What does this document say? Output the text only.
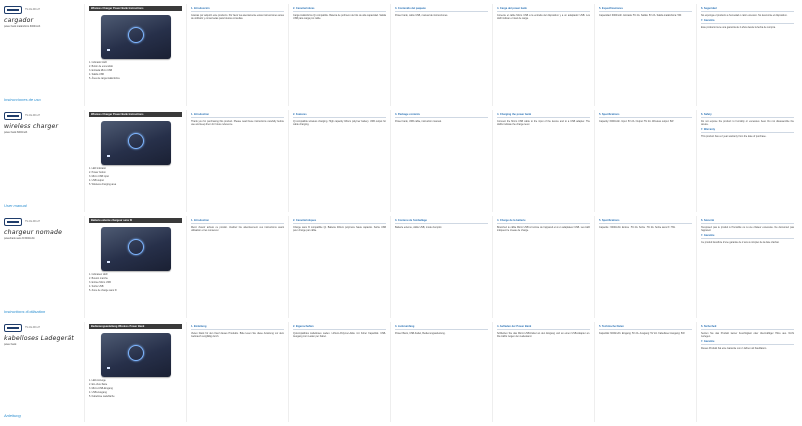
TS-CG-WC-27
cargador
power bank inalámbrico 6000mAh
Instrucciones de uso
Wireless Charger Power Bank Instructions
1. Indicador LED
2. Botón de encendido
3. Entrada Micro USB
4. Salida USB
5. Área de carga inalámbrica
1. Introducción

Gracias por adquirir este producto. Por favor lea atentamente estas instrucciones antes de utilizarlo y consérvelas para futuras consultas.

2. Características

Carga inalámbrica Qi compatible. Batería de polímero de litio de alta capacidad. Salida USB para carga por cable.

3. Contenido del paquete

Power bank, cable USB, manual de instrucciones.

4. Carga del power bank

Conecte el cable Micro USB a la entrada del dispositivo y a un adaptador USB. Los LED indican el nivel de carga.

5. Especificaciones

Capacidad: 6000mAh. Entrada: 5V 2A. Salida: 5V 2A. Salida inalámbrica: 5W.

6. Seguridad

No exponga el producto a humedad o calor excesivo. No desmonte el dispositivo.

7. Garantía

Este producto tiene una garantía de 2 años desde la fecha de compra.

TS-CG-WC-27
wireless charger
power bank 6000mAh
User manual
Wireless Charger Power Bank Instructions
1. LED indicator
2. Power button
3. Micro USB input
4. USB output
5. Wireless charging area
1. Introduction

Thank you for purchasing this product. Please read these instructions carefully before use and keep them for future reference.

2. Features

Qi compatible wireless charging. High capacity lithium polymer battery. USB output for cable charging.

3. Package contents

Power bank, USB cable, instruction manual.

4. Charging the power bank

Connect the Micro USB cable to the input of the device and to a USB adapter. The LEDs indicate the charge level.

5. Specifications

Capacity: 6000mAh. Input: 5V 2A. Output: 5V 2A. Wireless output: 5W.

6. Safety

Do not expose the product to humidity or excessive heat. Do not disassemble the device.

7. Warranty

This product has a 2 year warranty from the date of purchase.

TS-CG-WC-27
chargeur nomade
powerbank sans fil 6000mAh
Instructions d'utilisation
Batterie externe chargeur sans fil
1. Indicateur LED
2. Bouton marche
3. Entrée Micro USB
4. Sortie USB
5. Zone de charge sans fil
1. Introduction

Merci d'avoir acheté ce produit. Veuillez lire attentivement ces instructions avant utilisation et les conserver.

2. Caractéristiques

Charge sans fil compatible Qi. Batterie lithium polymère haute capacité. Sortie USB pour charge par câble.

3. Contenu de l'emballage

Batterie externe, câble USB, mode d'emploi.

4. Charge de la batterie

Branchez le câble Micro USB à l'entrée de l'appareil et à un adaptateur USB. Les LED indiquent le niveau de charge.

5. Spécifications

Capacité : 6000mAh. Entrée : 5V 2A. Sortie : 5V 2A. Sortie sans fil : 5W.

6. Sécurité

N'exposez pas le produit à l'humidité ou à une chaleur excessive. Ne démontez pas l'appareil.

7. Garantie

Ce produit bénéficie d'une garantie de 2 ans à compter de la date d'achat.

TS-CG-WC-27
kabelloses Ladegerät
power bank
Anleitung
Bedienungsanleitung Wireless Power Bank
1. LED-Anzeige
2. Ein-/Aus-Taste
3. Micro-USB-Eingang
4. USB-Ausgang
5. Kabellose Ladefläche
1. Einleitung

Vielen Dank für den Kauf dieses Produkts. Bitte lesen Sie diese Anleitung vor dem Gebrauch sorgfältig durch.

2. Eigenschaften

Qi-kompatibles kabelloses Laden. Lithium-Polymer-Akku mit hoher Kapazität. USB-Ausgang zum Laden per Kabel.

3. Lieferumfang

Power Bank, USB-Kabel, Bedienungsanleitung.

4. Aufladen der Power Bank

Schließen Sie das Micro-USB-Kabel an den Eingang und an einen USB-Adapter an. Die LEDs zeigen den Ladestand.

5. Technische Daten

Kapazität: 6000mAh. Eingang: 5V 2A. Ausgang: 5V 2A. Kabelloser Ausgang: 5W.

6. Sicherheit

Setzen Sie das Produkt keiner Feuchtigkeit oder übermäßiger Hitze aus. Nicht zerlegen.

7. Garantie

Dieses Produkt hat eine Garantie von 2 Jahren ab Kaufdatum.
